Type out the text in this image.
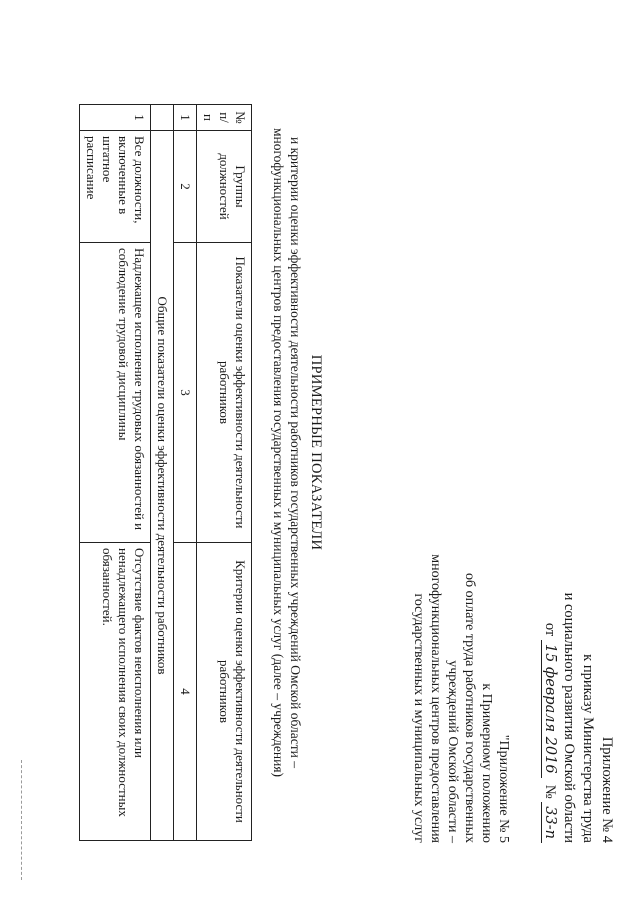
Приложение № 4
к приказу Министерства труда
и социального развития Омской области
от 15 февраля 2016  № 33-п
"Приложение № 5
к Примерному положению
об оплате труда работников государственных
учреждений Омской области –
многофункциональных центров предоставления
государственных и муниципальных услуг
ПРИМЕРНЫЕ ПОКАЗАТЕЛИ
и критерии оценки эффективности деятельности работников государственных учреждений Омской области –
многофункциональных центров предоставления государственных и муниципальных услуг (далее – учреждения)
№ п/п	Группы должностей	Показатели оценки эффективности деятельности работников	Критерии оценки эффективности деятельности работников
1	2	3	4
	Общие показатели оценки эффективности деятельности работников		
1	Все должности, включенные в штатное расписание	Надлежащее исполнение трудовых обязанностей и соблюдение трудовой дисциплины	Отсутствие фактов неисполнения или ненадлежащего исполнения своих должностных обязанностей.
